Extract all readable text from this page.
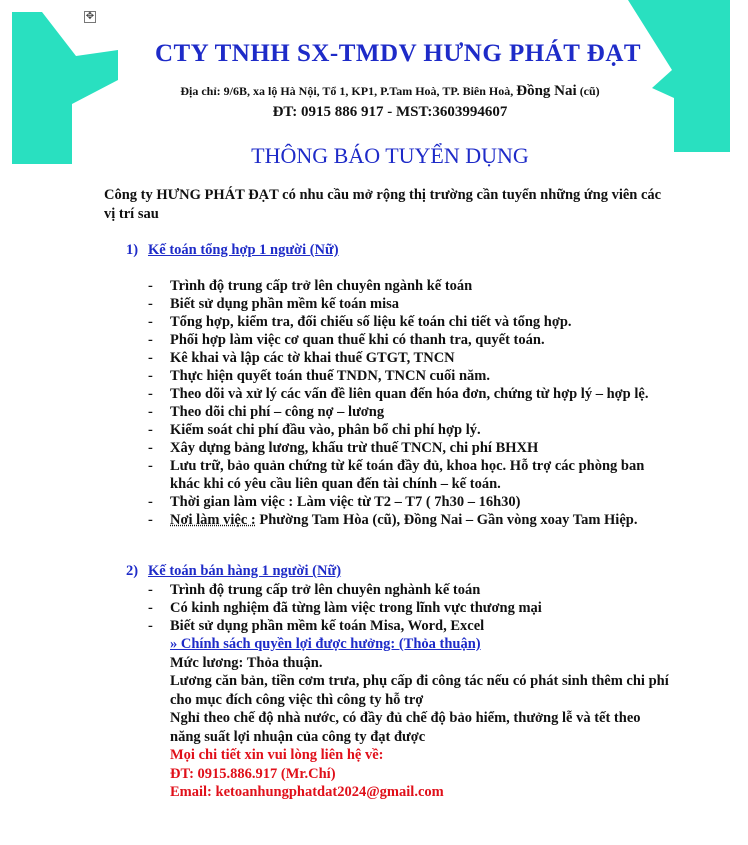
✥
CTY TNHH SX-TMDV HƯNG PHÁT ĐẠT
Địa chỉ: 9/6B, xa lộ Hà Nội, Tổ 1, KP1, P.Tam Hoà, TP. Biên Hoà, Đồng Nai (cũ)
ĐT: 0915 886 917 - MST:3603994607
THÔNG BÁO TUYỂN DỤNG
Công ty HƯNG PHÁT ĐẠT có nhu cầu mở rộng thị trường cần tuyển những ứng viên các vị trí sau
1) Kế toán tổng hợp 1 người (Nữ)
- Trình độ trung cấp trở lên chuyên ngành kế toán
- Biết sử dụng phần mềm kế toán misa
- Tổng hợp, kiểm tra, đối chiếu số liệu kế toán chi tiết và tổng hợp.
- Phối hợp làm việc cơ quan thuế khi có thanh tra, quyết toán.
- Kê khai và lập các tờ khai thuế GTGT, TNCN
- Thực hiện quyết toán thuế TNDN, TNCN cuối năm.
- Theo dõi và xử lý các vấn đề liên quan đến hóa đơn, chứng từ hợp lý – hợp lệ.
- Theo dõi chi phí – công nợ – lương
- Kiểm soát chi phí đầu vào, phân bổ chi phí hợp lý.
- Xây dựng bảng lương, khấu trừ thuế TNCN, chi phí BHXH
- Lưu trữ, bảo quản chứng từ kế toán đầy đủ, khoa học. Hỗ trợ các phòng ban khác khi có yêu cầu liên quan đến tài chính – kế toán.
- Thời gian làm việc : Làm việc từ T2 – T7 ( 7h30 – 16h30)
- Nơi làm việc : Phường Tam Hòa (cũ), Đồng Nai – Gần vòng xoay Tam Hiệp.
2) Kế toán bán hàng 1 người (Nữ)
- Trình độ trung cấp trở lên chuyên nghành kế toán
- Có kinh nghiệm đã từng làm việc trong lĩnh vực thương mại
- Biết sử dụng phần mềm kế toán Misa, Word, Excel
» Chính sách quyền lợi được hưởng: (Thỏa thuận)
Mức lương: Thỏa thuận.
Lương căn bản, tiền cơm trưa, phụ cấp đi công tác nếu có phát sinh thêm chi phí cho mục đích công việc thì công ty hỗ trợ
Nghỉ theo chế độ nhà nước, có đầy đủ chế độ bảo hiểm, thưởng lễ và tết theo năng suất lợi nhuận của công ty đạt được
Mọi chi tiết xin vui lòng liên hệ về:
ĐT: 0915.886.917 (Mr.Chí)
Email: ketoanhungphatdat2024@gmail.com
